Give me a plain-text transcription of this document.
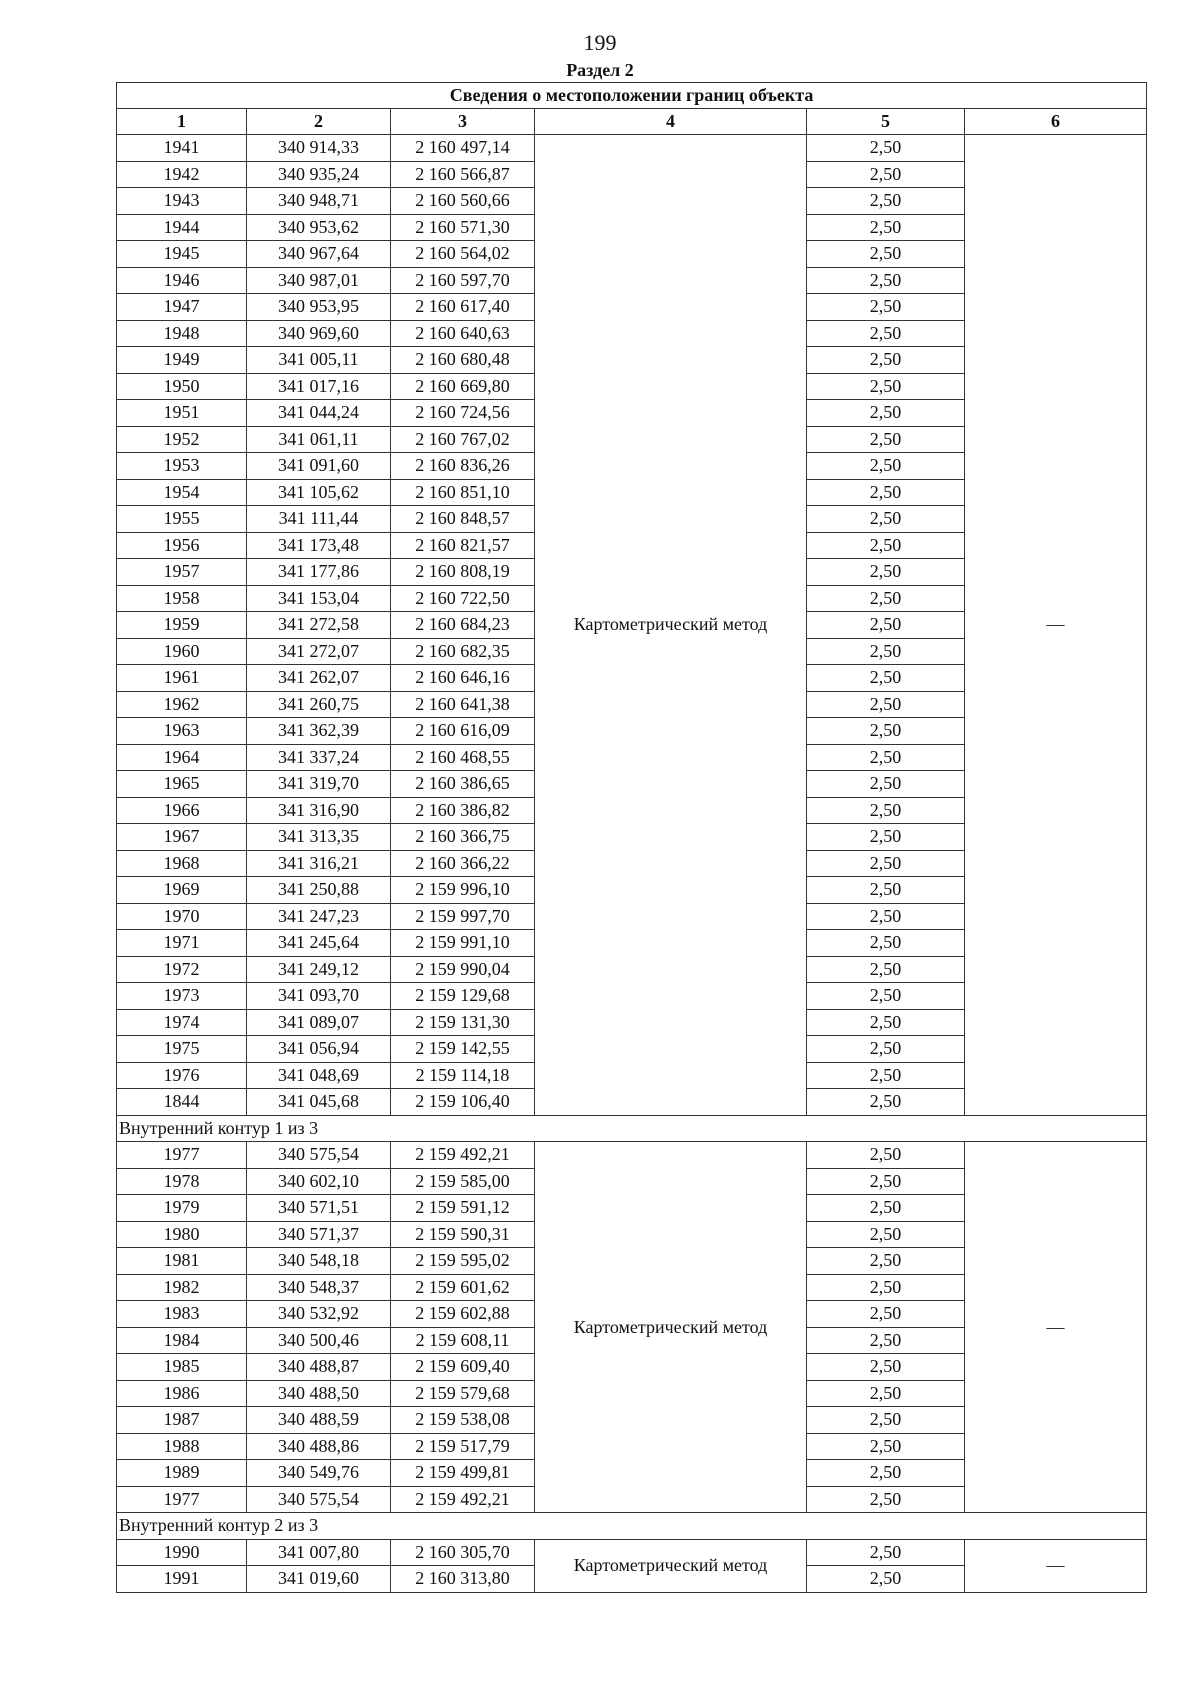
199
Раздел 2
Сведения о местоположении границ объекта					
1	2	3	4	5	6
1941	340 914,33	2 160 497,14	Картометрический метод	2,50	—
1942	340 935,24	2 160 566,87		2,50	
1943	340 948,71	2 160 560,66		2,50	
1944	340 953,62	2 160 571,30		2,50	
1945	340 967,64	2 160 564,02		2,50	
1946	340 987,01	2 160 597,70		2,50	
1947	340 953,95	2 160 617,40		2,50	
1948	340 969,60	2 160 640,63		2,50	
1949	341 005,11	2 160 680,48		2,50	
1950	341 017,16	2 160 669,80		2,50	
1951	341 044,24	2 160 724,56		2,50	
1952	341 061,11	2 160 767,02		2,50	
1953	341 091,60	2 160 836,26		2,50	
1954	341 105,62	2 160 851,10		2,50	
1955	341 111,44	2 160 848,57		2,50	
1956	341 173,48	2 160 821,57		2,50	
1957	341 177,86	2 160 808,19		2,50	
1958	341 153,04	2 160 722,50		2,50	
1959	341 272,58	2 160 684,23		2,50	
1960	341 272,07	2 160 682,35		2,50	
1961	341 262,07	2 160 646,16		2,50	
1962	341 260,75	2 160 641,38		2,50	
1963	341 362,39	2 160 616,09		2,50	
1964	341 337,24	2 160 468,55		2,50	
1965	341 319,70	2 160 386,65		2,50	
1966	341 316,90	2 160 386,82		2,50	
1967	341 313,35	2 160 366,75		2,50	
1968	341 316,21	2 160 366,22		2,50	
1969	341 250,88	2 159 996,10		2,50	
1970	341 247,23	2 159 997,70		2,50	
1971	341 245,64	2 159 991,10		2,50	
1972	341 249,12	2 159 990,04		2,50	
1973	341 093,70	2 159 129,68		2,50	
1974	341 089,07	2 159 131,30		2,50	
1975	341 056,94	2 159 142,55		2,50	
1976	341 048,69	2 159 114,18		2,50	
1844	341 045,68	2 159 106,40		2,50	
Внутренний контур 1 из 3					
1977	340 575,54	2 159 492,21	Картометрический метод	2,50	—
1978	340 602,10	2 159 585,00		2,50	
1979	340 571,51	2 159 591,12		2,50	
1980	340 571,37	2 159 590,31		2,50	
1981	340 548,18	2 159 595,02		2,50	
1982	340 548,37	2 159 601,62		2,50	
1983	340 532,92	2 159 602,88		2,50	
1984	340 500,46	2 159 608,11		2,50	
1985	340 488,87	2 159 609,40		2,50	
1986	340 488,50	2 159 579,68		2,50	
1987	340 488,59	2 159 538,08		2,50	
1988	340 488,86	2 159 517,79		2,50	
1989	340 549,76	2 159 499,81		2,50	
1977	340 575,54	2 159 492,21		2,50	
Внутренний контур 2 из 3					
1990	341 007,80	2 160 305,70	Картометрический метод	2,50	—
1991	341 019,60	2 160 313,80		2,50	
